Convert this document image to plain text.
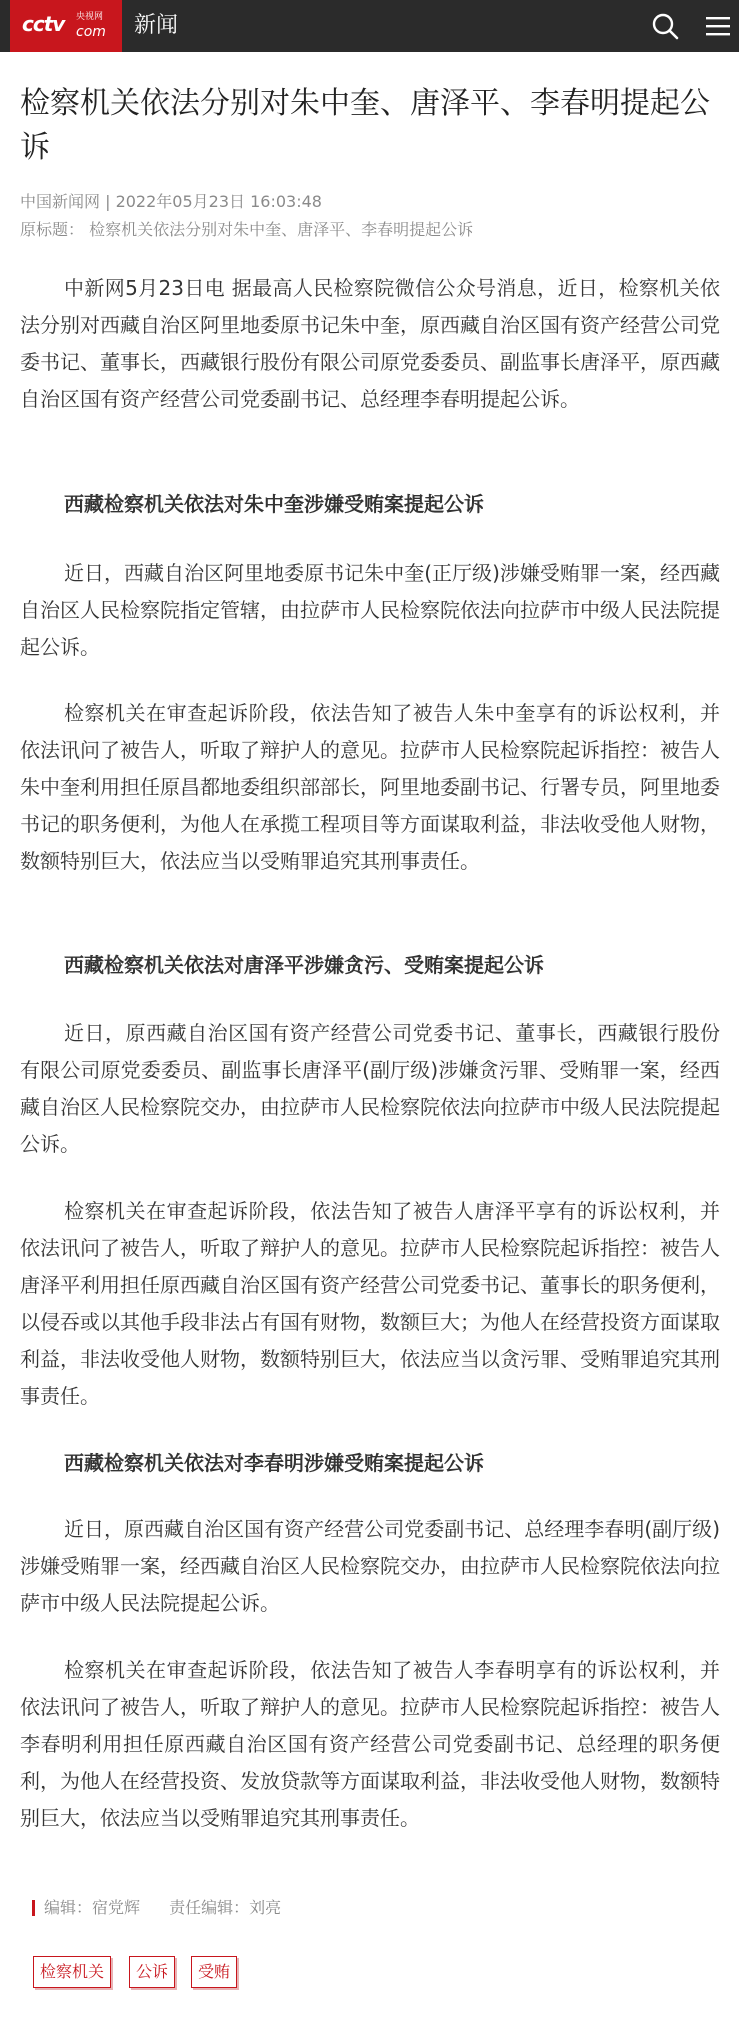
cctv 央视网
com 新闻
检察机关依法分别对朱中奎、唐泽平、李春明提起公诉
中国新闻网 | 2022年05月23日 16:03:48
原标题： 检察机关依法分别对朱中奎、唐泽平、李春明提起公诉

中新网5月23日电 据最高人民检察院微信公众号消息，近日，检察机关依法分别对西藏自治区阿里地委原书记朱中奎，原西藏自治区国有资产经营公司党委书记、董事长，西藏银行股份有限公司原党委委员、副监事长唐泽平，原西藏自治区国有资产经营公司党委副书记、总经理李春明提起公诉。

西藏检察机关依法对朱中奎涉嫌受贿案提起公诉

近日，西藏自治区阿里地委原书记朱中奎(正厅级)涉嫌受贿罪一案，经西藏自治区人民检察院指定管辖，由拉萨市人民检察院依法向拉萨市中级人民法院提起公诉。

检察机关在审查起诉阶段，依法告知了被告人朱中奎享有的诉讼权利，并依法讯问了被告人，听取了辩护人的意见。拉萨市人民检察院起诉指控：被告人朱中奎利用担任原昌都地委组织部部长，阿里地委副书记、行署专员，阿里地委书记的职务便利，为他人在承揽工程项目等方面谋取利益，非法收受他人财物，数额特别巨大，依法应当以受贿罪追究其刑事责任。

西藏检察机关依法对唐泽平涉嫌贪污、受贿案提起公诉

近日，原西藏自治区国有资产经营公司党委书记、董事长，西藏银行股份有限公司原党委委员、副监事长唐泽平(副厅级)涉嫌贪污罪、受贿罪一案，经西藏自治区人民检察院交办，由拉萨市人民检察院依法向拉萨市中级人民法院提起公诉。

检察机关在审查起诉阶段，依法告知了被告人唐泽平享有的诉讼权利，并依法讯问了被告人，听取了辩护人的意见。拉萨市人民检察院起诉指控：被告人唐泽平利用担任原西藏自治区国有资产经营公司党委书记、董事长的职务便利，以侵吞或以其他手段非法占有国有财物，数额巨大；为他人在经营投资方面谋取利益，非法收受他人财物，数额特别巨大，依法应当以贪污罪、受贿罪追究其刑事责任。

西藏检察机关依法对李春明涉嫌受贿案提起公诉

近日，原西藏自治区国有资产经营公司党委副书记、总经理李春明(副厅级)涉嫌受贿罪一案，经西藏自治区人民检察院交办，由拉萨市人民检察院依法向拉萨市中级人民法院提起公诉。

检察机关在审查起诉阶段，依法告知了被告人李春明享有的诉讼权利，并依法讯问了被告人，听取了辩护人的意见。拉萨市人民检察院起诉指控：被告人李春明利用担任原西藏自治区国有资产经营公司党委副书记、总经理的职务便利，为他人在经营投资、发放贷款等方面谋取利益，非法收受他人财物，数额特别巨大，依法应当以受贿罪追究其刑事责任。

编辑：宿党辉 责任编辑：刘亮
检察机关	公诉	受贿
